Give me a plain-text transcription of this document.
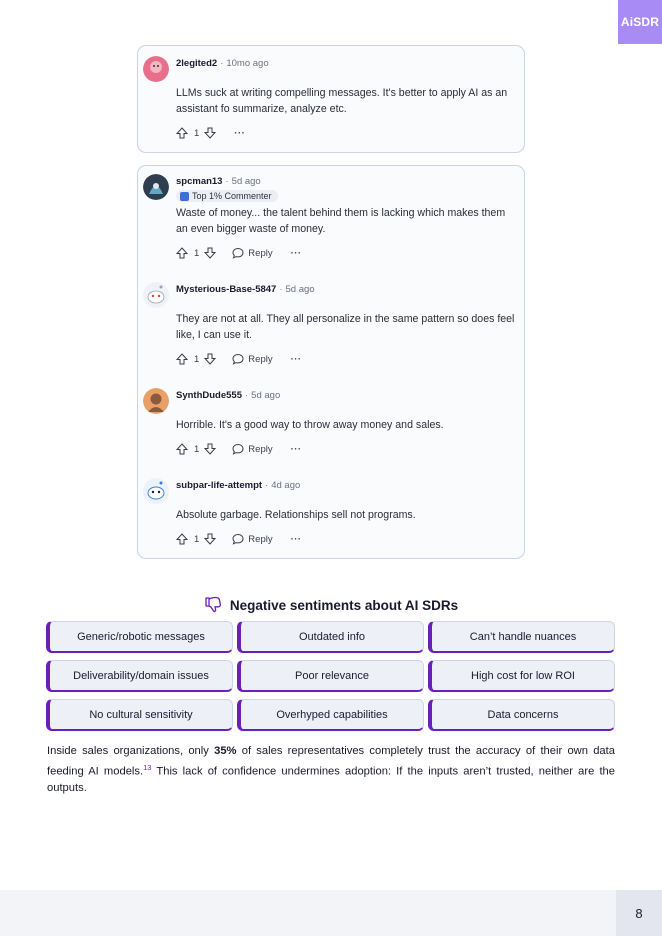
AiSDR
2legited2 · 10mo ago
LLMs suck at writing compelling messages. It's better to apply AI as an assistant fo summarize, analyze etc.
1	···
spcman13 · 5d ago
Top 1% Commenter
Waste of money... the talent behind them is lacking which makes them an even bigger waste of money.
1	Reply ···
Mysterious-Base-5847 · 5d ago
They are not at all. They all personalize in the same pattern so does feel like, I can use it.
1	Reply ···
SynthDude555 · 5d ago
Horrible. It's a good way to throw away money and sales.
1	Reply ···
subpar-life-attempt · 4d ago
Absolute garbage. Relationships sell not programs.
1	Reply ···
Negative sentiments about AI SDRs
Generic/robotic messages	Outdated info	Can’t handle nuances
Deliverability/domain issues	Poor relevance	High cost for low ROI
No cultural sensitivity	Overhyped capabilities	Data concerns
Inside sales organizations, only 35% of sales representatives completely trust the accuracy of their own data feeding AI models.$^{13}$ This lack of confidence undermines adoption: If the inputs aren’t trusted, neither are the outputs.
8
